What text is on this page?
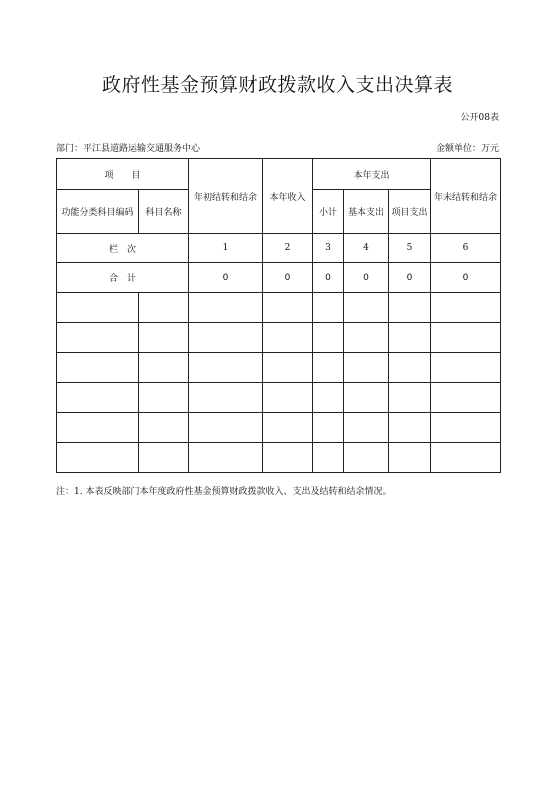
政府性基金预算财政拨款收入支出决算表
公开08表
部门：平江县道路运输交通服务中心	金额单位：万元
项　　目		年初结转和结余	本年收入	本年支出			年末结转和结余
功能分类科目编码	科目名称			小计	基本支出	项目支出	
栏　次		1	2	3	4	5	6
合　计		0	0	0	0	0	0

注：1. 本表反映部门本年度政府性基金预算财政拨款收入、支出及结转和结余情况。
